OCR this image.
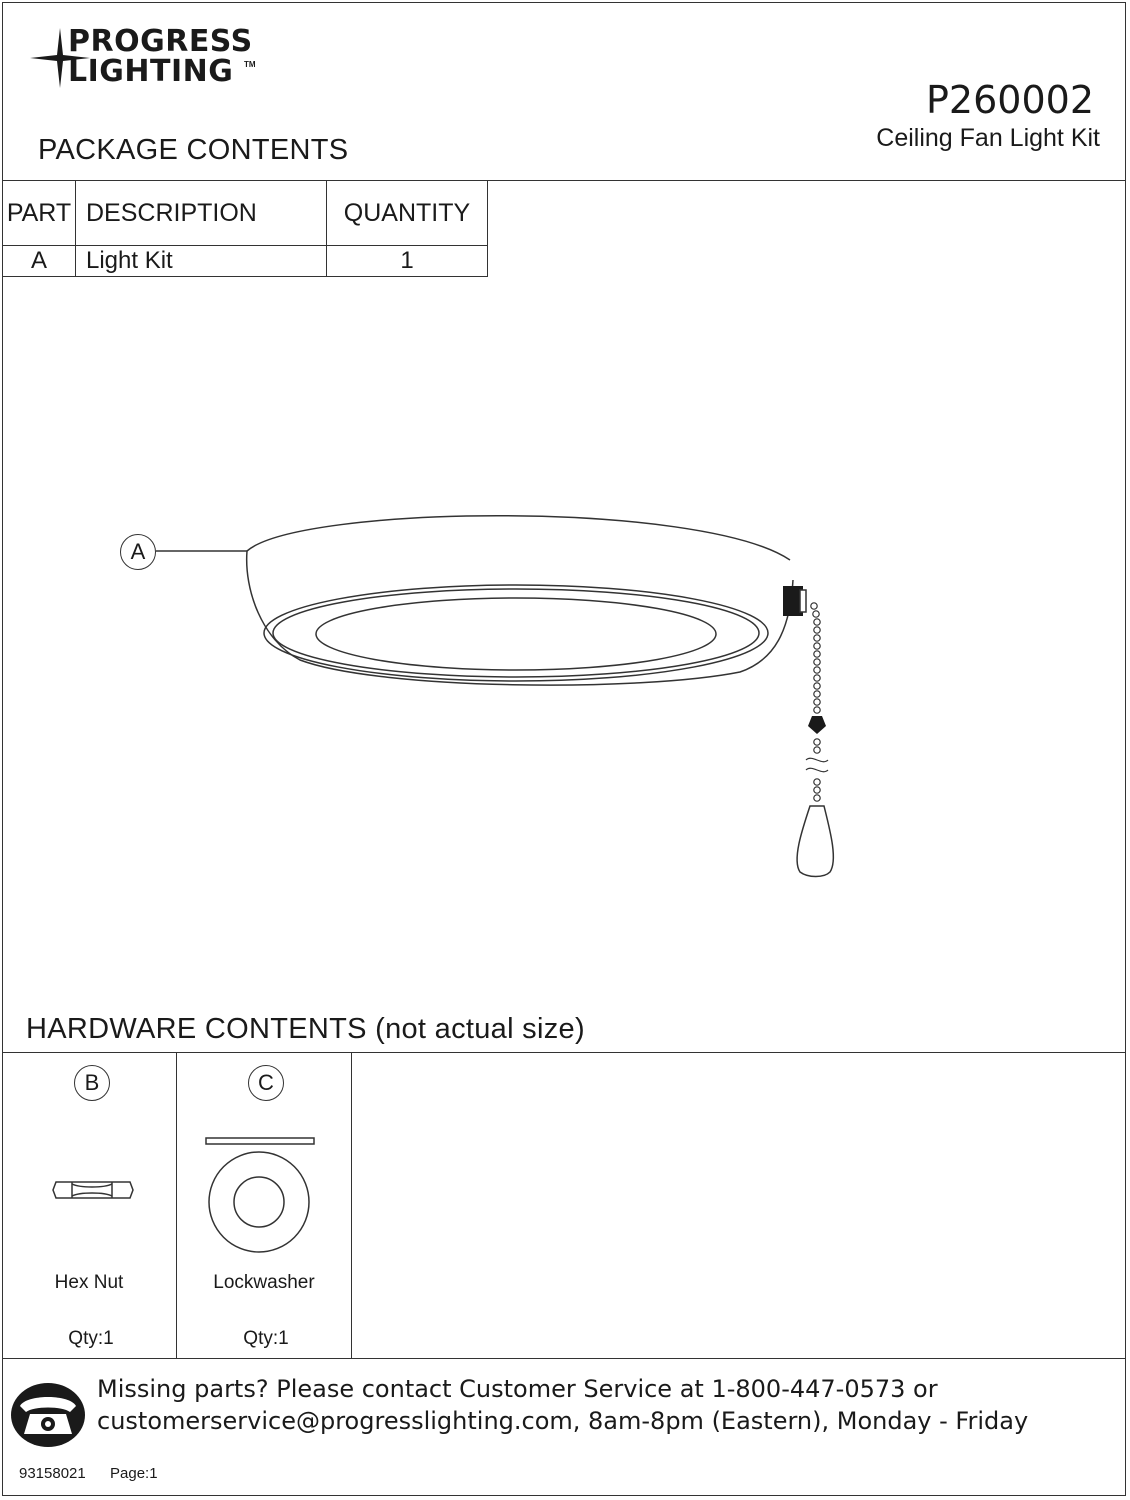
PROGRESS
LIGHTING TM
PACKAGE CONTENTS
P260002
Ceiling Fan Light Kit
PART	DESCRIPTION	QUANTITY
A	Light Kit	1
A
HARDWARE CONTENTS (not actual size)
B
Hex Nut
Qty:1
C
Lockwasher
Qty:1
Missing parts? Please contact Customer Service at 1-800-447-0573 or
customerservice@progresslighting.com, 8am-8pm (Eastern), Monday - Friday
93158021 Page:1
